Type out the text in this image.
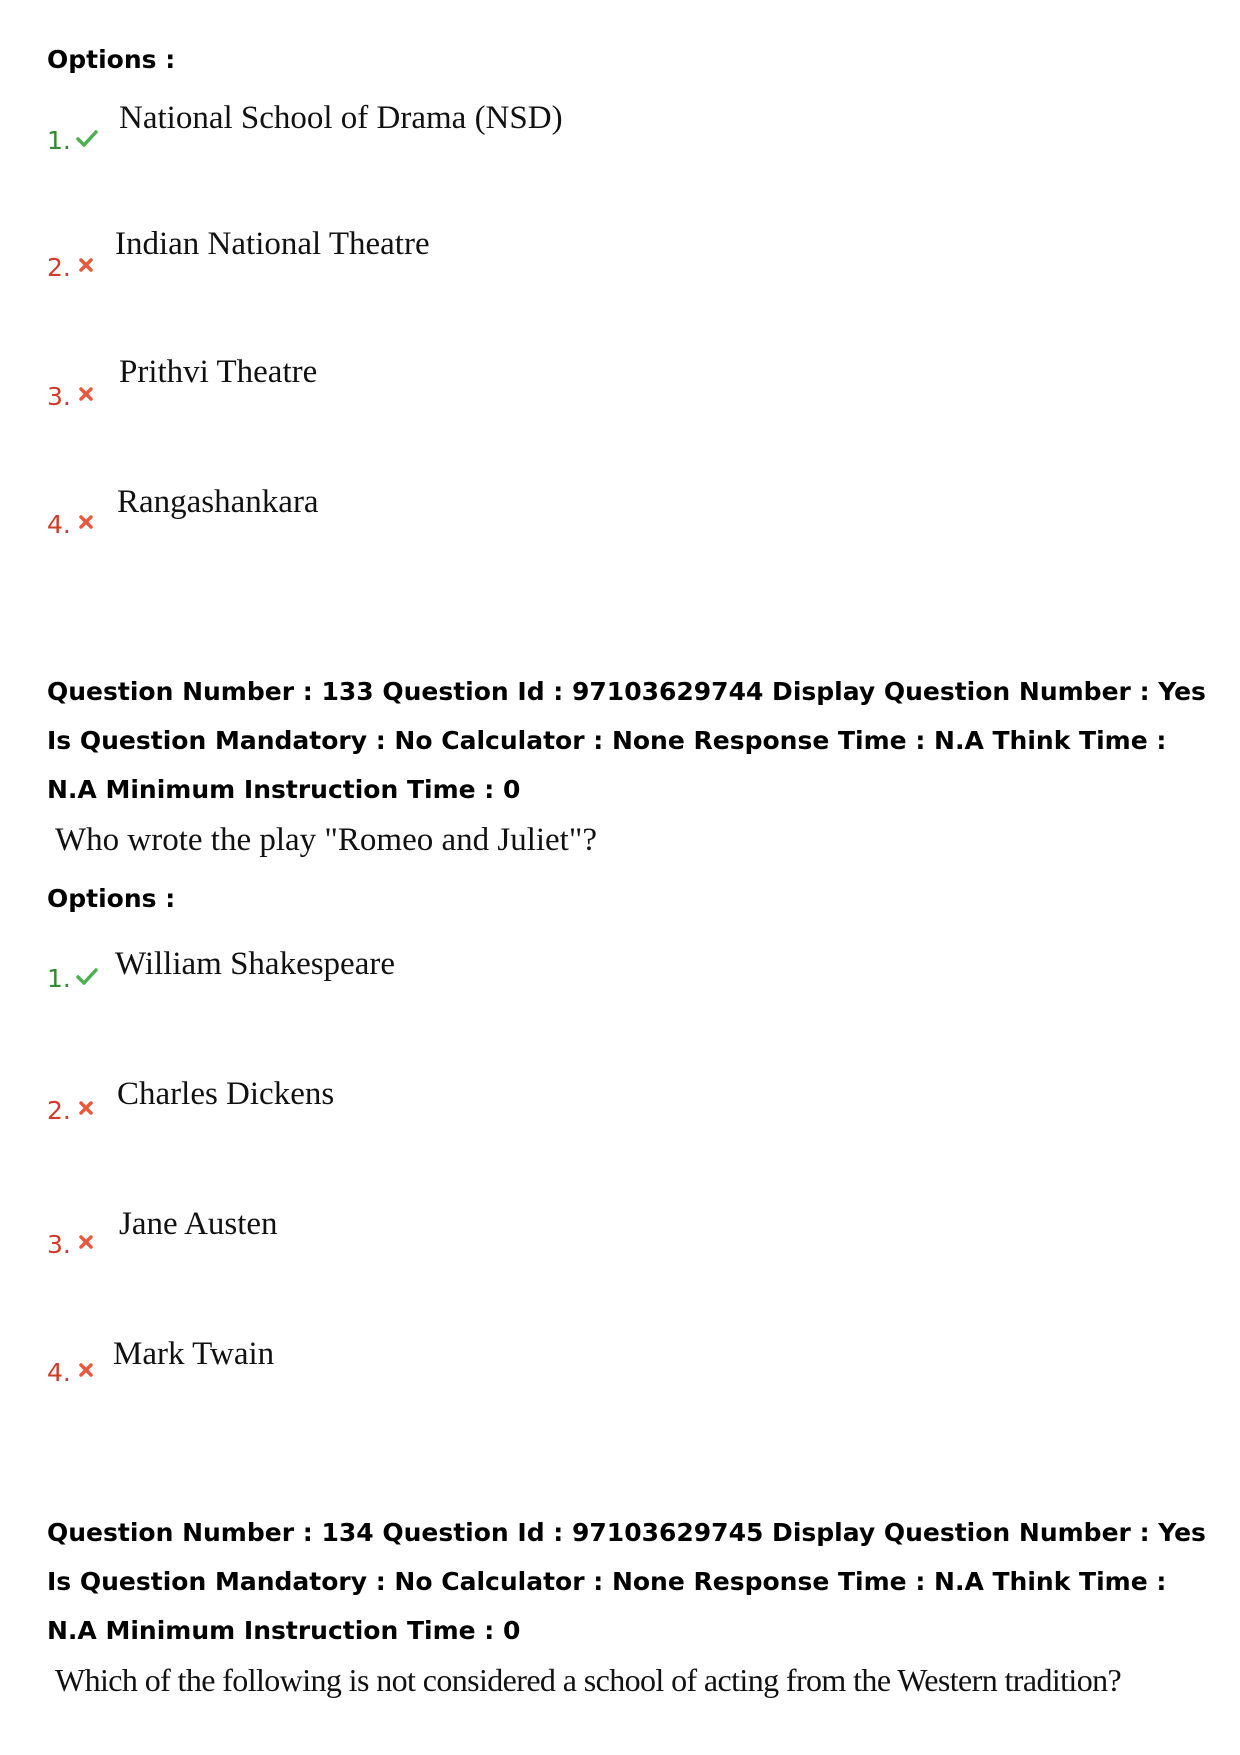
Options :
1.
National School of Drama (NSD)
2.
Indian National Theatre
3.
Prithvi Theatre
4.
Rangashankara
Question Number : 133 Question Id : 97103629744 Display Question Number : Yes Is Question Mandatory : No Calculator : None Response Time : N.A Think Time : N.A Minimum Instruction Time : 0
Who wrote the play "Romeo and Juliet"?
Options :
1. William Shakespeare
2. Charles Dickens
3.
Jane Austen
4.
Mark Twain
Question Number : 134 Question Id : 97103629745 Display Question Number : Yes Is Question Mandatory : No Calculator : None Response Time : N.A Think Time : N.A Minimum Instruction Time : 0
Which of the following is not considered a school of acting from the Western tradition?
